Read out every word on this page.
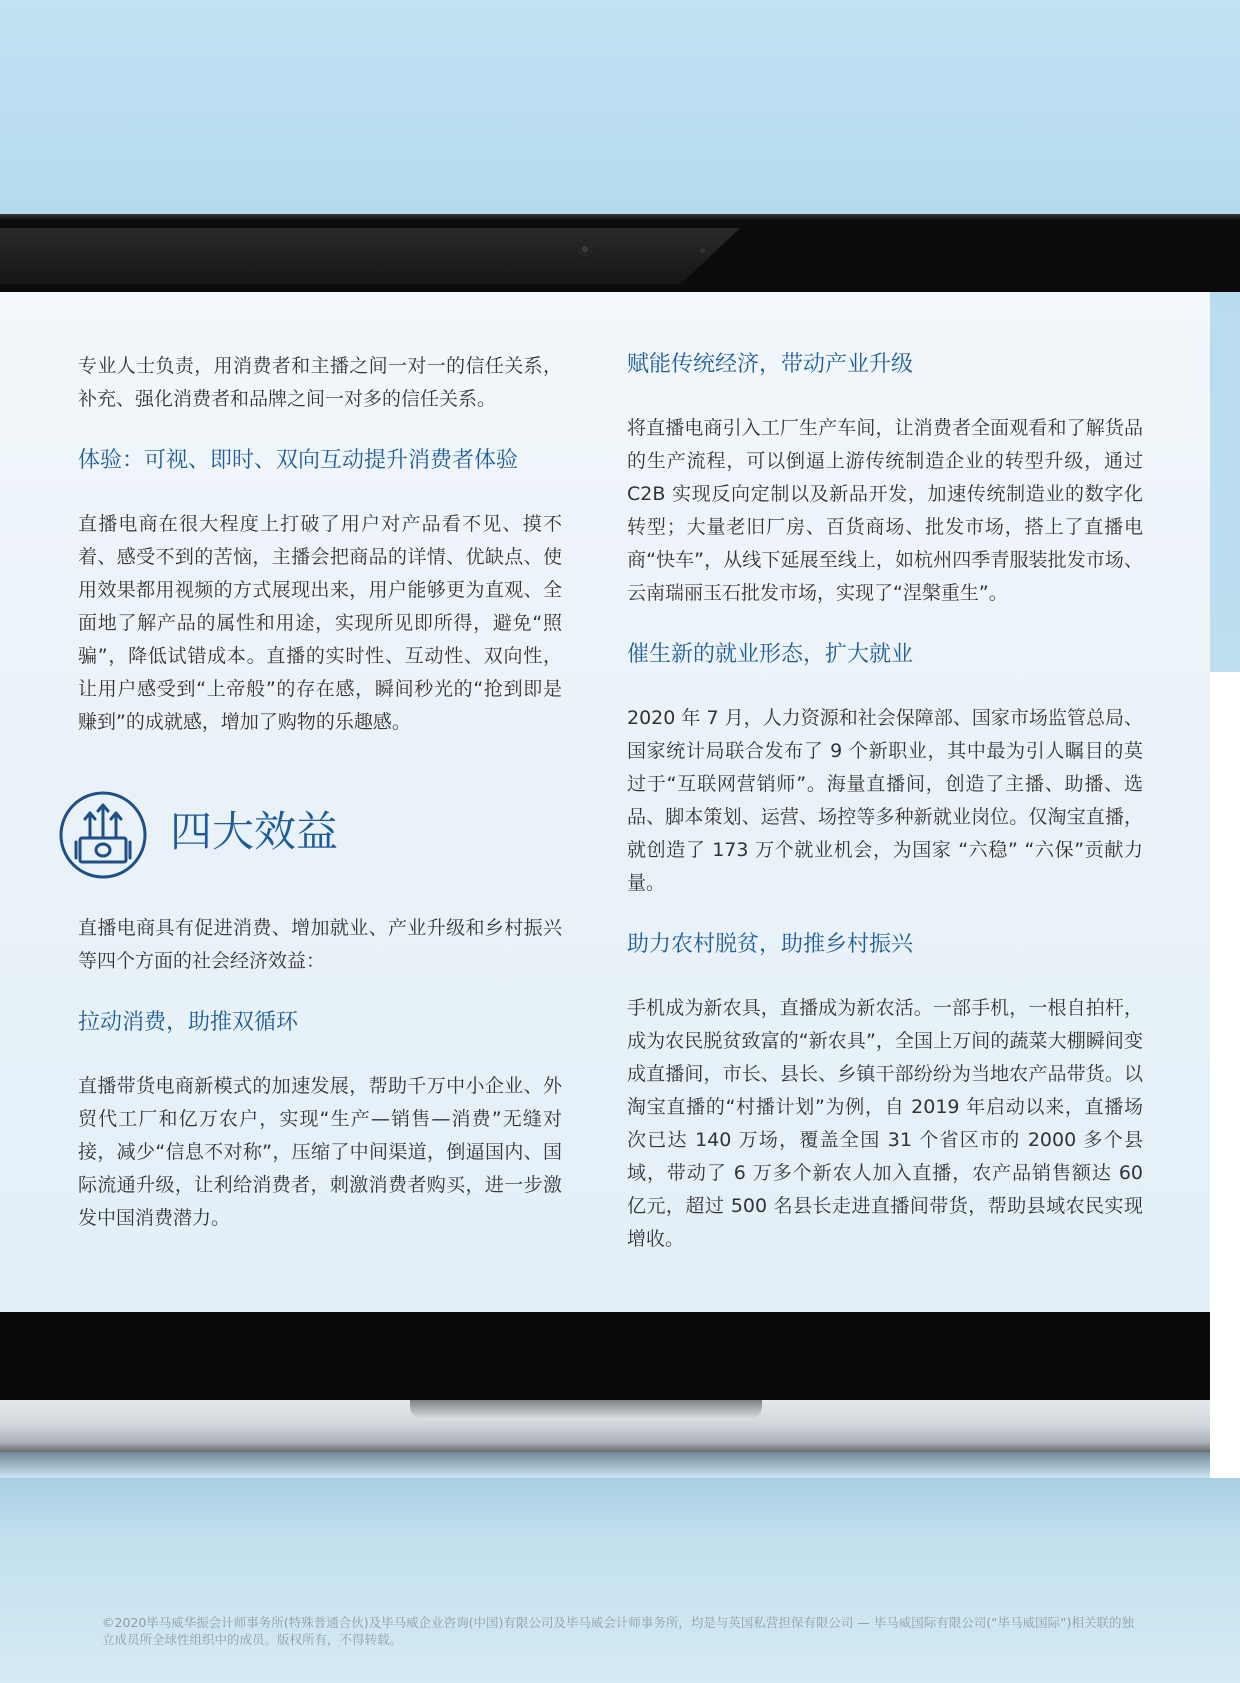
专业人士负责，用消费者和主播之间一对一的信任关系，补充、强化消费者和品牌之间一对多的信任关系。

体验：可视、即时、双向互动提升消费者体验

直播电商在很大程度上打破了用户对产品看不见、摸不着、感受不到的苦恼，主播会把商品的详情、优缺点、使用效果都用视频的方式展现出来，用户能够更为直观、全面地了解产品的属性和用途，实现所见即所得，避免“照骗”，降低试错成本。直播的实时性、互动性、双向性，让用户感受到“上帝般”的存在感，瞬间秒光的“抢到即是赚到”的成就感，增加了购物的乐趣感。

四大效益

直播电商具有促进消费、增加就业、产业升级和乡村振兴等四个方面的社会经济效益：

拉动消费，助推双循环

直播带货电商新模式的加速发展，帮助千万中小企业、外贸代工厂和亿万农户，实现“生产—销售—消费”无缝对接，减少“信息不对称”，压缩了中间渠道，倒逼国内、国际流通升级，让利给消费者，刺激消费者购买，进一步激发中国消费潜力。

赋能传统经济，带动产业升级

将直播电商引入工厂生产车间，让消费者全面观看和了解货品的生产流程，可以倒逼上游传统制造企业的转型升级，通过 C2B 实现反向定制以及新品开发，加速传统制造业的数字化转型；大量老旧厂房、百货商场、批发市场，搭上了直播电商“快车”，从线下延展至线上，如杭州四季青服装批发市场、云南瑞丽玉石批发市场，实现了“涅槃重生”。

催生新的就业形态，扩大就业

2020 年 7 月，人力资源和社会保障部、国家市场监管总局、国家统计局联合发布了 9 个新职业，其中最为引人瞩目的莫过于“互联网营销师”。海量直播间，创造了主播、助播、选品、脚本策划、运营、场控等多种新就业岗位。仅淘宝直播，就创造了 173 万个就业机会，为国家 “六稳” “六保”贡献力量。

助力农村脱贫，助推乡村振兴

手机成为新农具，直播成为新农活。一部手机，一根自拍杆，成为农民脱贫致富的“新农具”，全国上万间的蔬菜大棚瞬间变成直播间，市长、县长、乡镇干部纷纷为当地农产品带货。以淘宝直播的“村播计划”为例，自 2019 年启动以来，直播场次已达 140 万场，覆盖全国 31 个省区市的 2000 多个县域，带动了 6 万多个新农人加入直播，农产品销售额达 60 亿元，超过 500 名县长走进直播间带货，帮助县域农民实现增收。

©2020毕马威华振会计师事务所(特殊普通合伙)及毕马威企业咨询(中国)有限公司及毕马威会计师事务所，均是与英国私营担保有限公司 — 毕马威国际有限公司(“毕马威国际”)相关联的独立成员所全球性组织中的成员。版权所有，不得转载。
